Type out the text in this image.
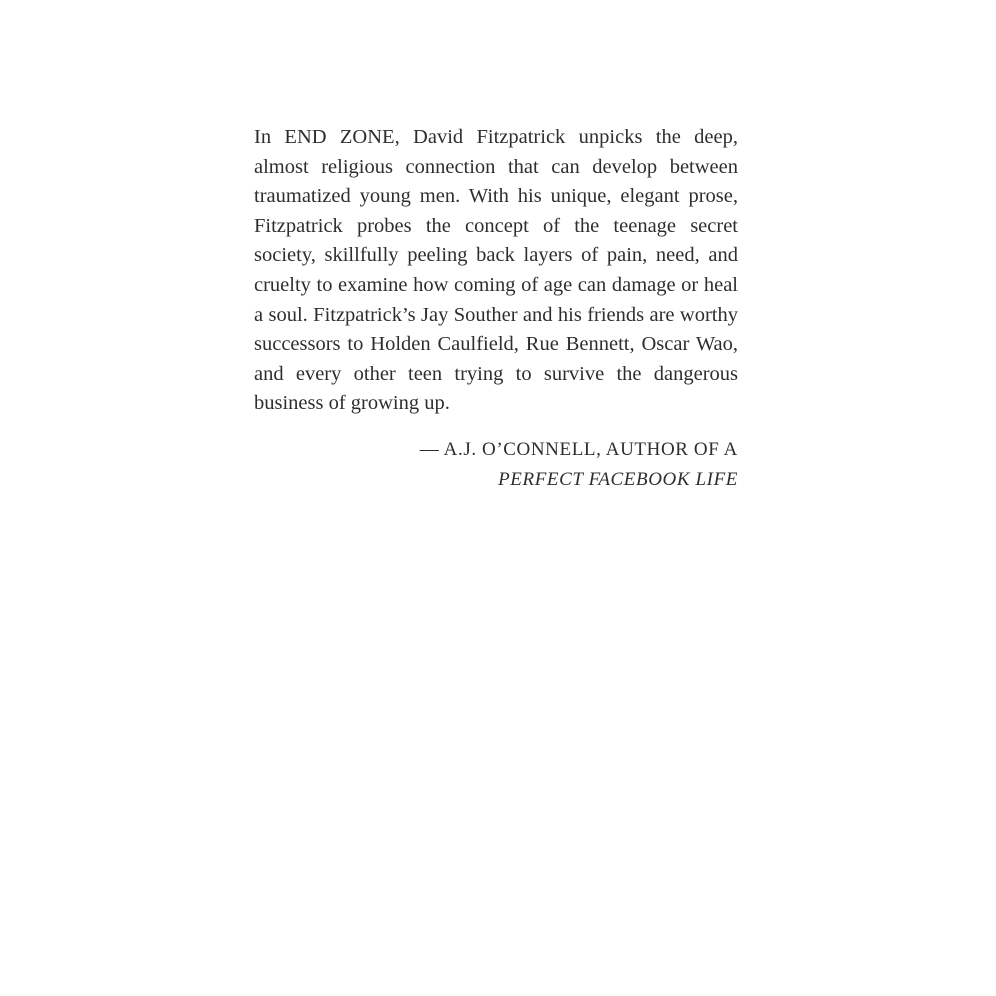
In END ZONE, David Fitzpatrick unpicks the deep, almost religious connection that can develop between traumatized young men. With his unique, elegant prose, Fitzpatrick probes the concept of the teenage secret society, skillfully peeling back layers of pain, need, and cruelty to examine how coming of age can damage or heal a soul. Fitzpatrick’s Jay Souther and his friends are worthy successors to Holden Caulfield, Rue Bennett, Oscar Wao, and every other teen trying to survive the dangerous business of growing up.

— A.J. O’CONNELL, AUTHOR OF A
PERFECT FACEBOOK LIFE
